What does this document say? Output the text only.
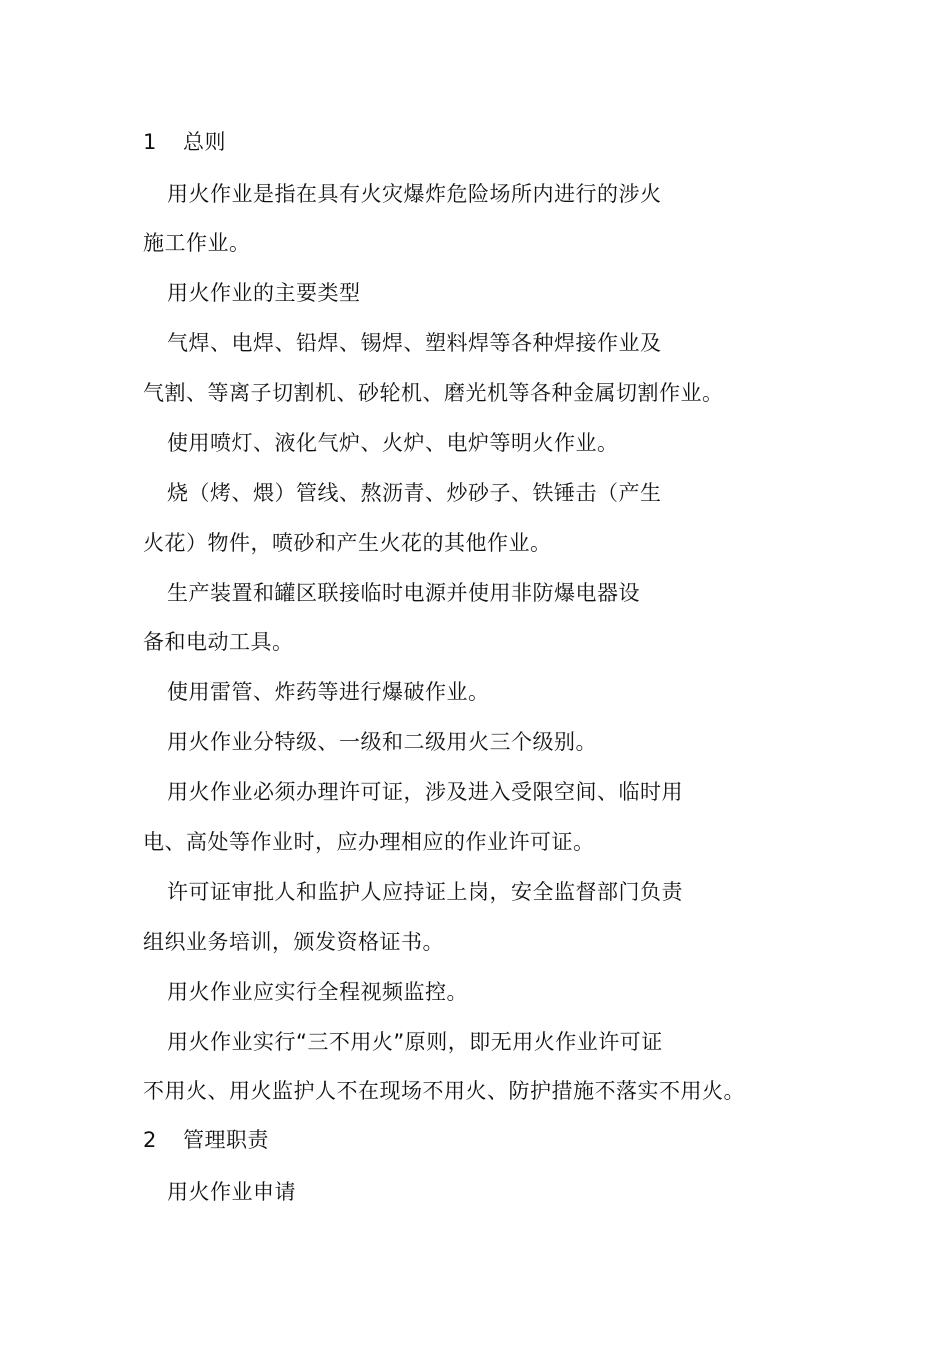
1 总则
用火作业是指在具有火灾爆炸危险场所内进行的涉火
施工作业。
用火作业的主要类型
气焊、电焊、铅焊、锡焊、塑料焊等各种焊接作业及
气割、等离子切割机、砂轮机、磨光机等各种金属切割作业。
使用喷灯、液化气炉、火炉、电炉等明火作业。
烧（烤、煨）管线、熬沥青、炒砂子、铁锤击（产生
火花）物件，喷砂和产生火花的其他作业。
生产装置和罐区联接临时电源并使用非防爆电器设
备和电动工具。
使用雷管、炸药等进行爆破作业。
用火作业分特级、一级和二级用火三个级别。
用火作业必须办理许可证，涉及进入受限空间、临时用
电、高处等作业时，应办理相应的作业许可证。
许可证审批人和监护人应持证上岗，安全监督部门负责
组织业务培训，颁发资格证书。
用火作业应实行全程视频监控。
用火作业实行“三不用火”原则，即无用火作业许可证
不用火、用火监护人不在现场不用火、防护措施不落实不用火。
2 管理职责
用火作业申请
